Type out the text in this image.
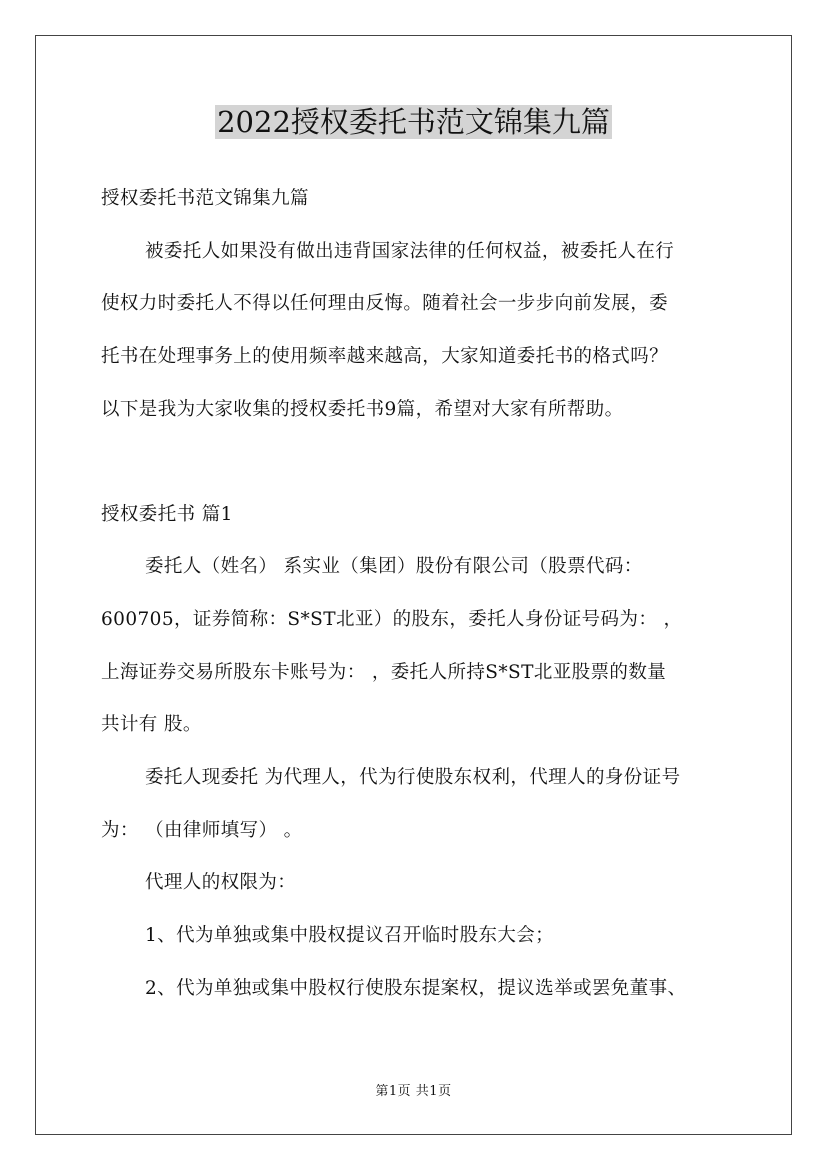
2022授权委托书范文锦集九篇

授权委托书范文锦集九篇

被委托人如果没有做出违背国家法律的任何权益，被委托人在行
使权力时委托人不得以任何理由反悔。随着社会一步步向前发展，委
托书在处理事务上的使用频率越来越高，大家知道委托书的格式吗？
以下是我为大家收集的授权委托书9篇，希望对大家有所帮助。

授权委托书 篇1

委托人（姓名） 系实业（集团）股份有限公司（股票代码：
600705，证券简称：S*ST北亚）的股东，委托人身份证号码为： ，
上海证券交易所股东卡账号为： ，委托人所持S*ST北亚股票的数量
共计有 股。

委托人现委托 为代理人，代为行使股东权利，代理人的身份证号
为： （由律师填写） 。

代理人的权限为：

1、代为单独或集中股权提议召开临时股东大会；

2、代为单独或集中股权行使股东提案权，提议选举或罢免董事、

第1页 共1页
